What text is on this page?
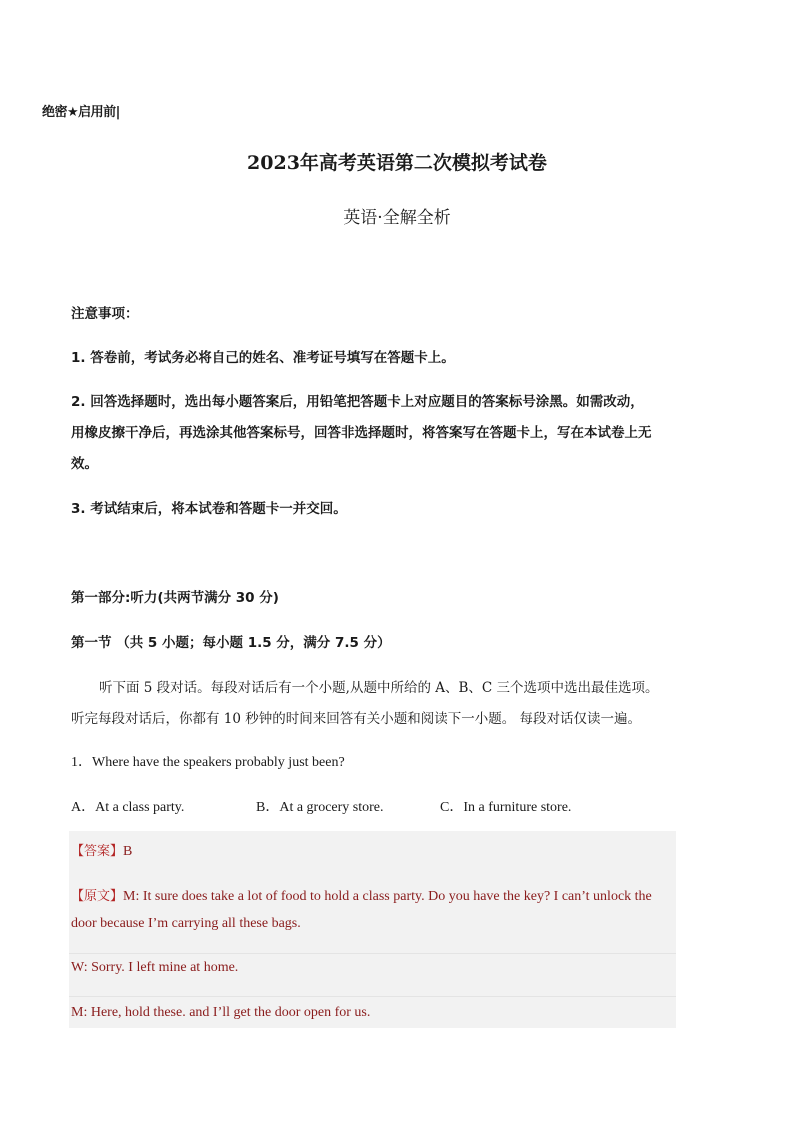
绝密★启用前|
2023年高考英语第二次模拟考试卷
英语·全解全析
注意事项：
1. 答卷前，考试务必将自己的姓名、准考证号填写在答题卡上。
2. 回答选择题时，选出每小题答案后，用铅笔把答题卡上对应题目的答案标号涂黑。如需改动，
用橡皮擦干净后，再选涂其他答案标号，回答非选择题时，将答案写在答题卡上，写在本试卷上无
效。
3. 考试结束后，将本试卷和答题卡一并交回。
第一部分:听力(共两节满分 30 分)
第一节 （共 5 小题；每小题 1.5 分，满分 7.5 分）
听下面 5 段对话。每段对话后有一个小题,从题中所给的 A、B、C 三个选项中选出最佳选项。
听完每段对话后，你都有 10 秒钟的时间来回答有关小题和阅读下一小题。 每段对话仅读一遍。
1．Where have the speakers probably just been?
A．At a class party.	B．At a grocery store.	C．In a furniture store.
【答案】B
【原文】M: It sure does take a lot of food to hold a class party. Do you have the key? I can’t unlock the
door because I’m carrying all these bags.
W: Sorry. I left mine at home.
M: Here, hold these. and I’ll get the door open for us.
